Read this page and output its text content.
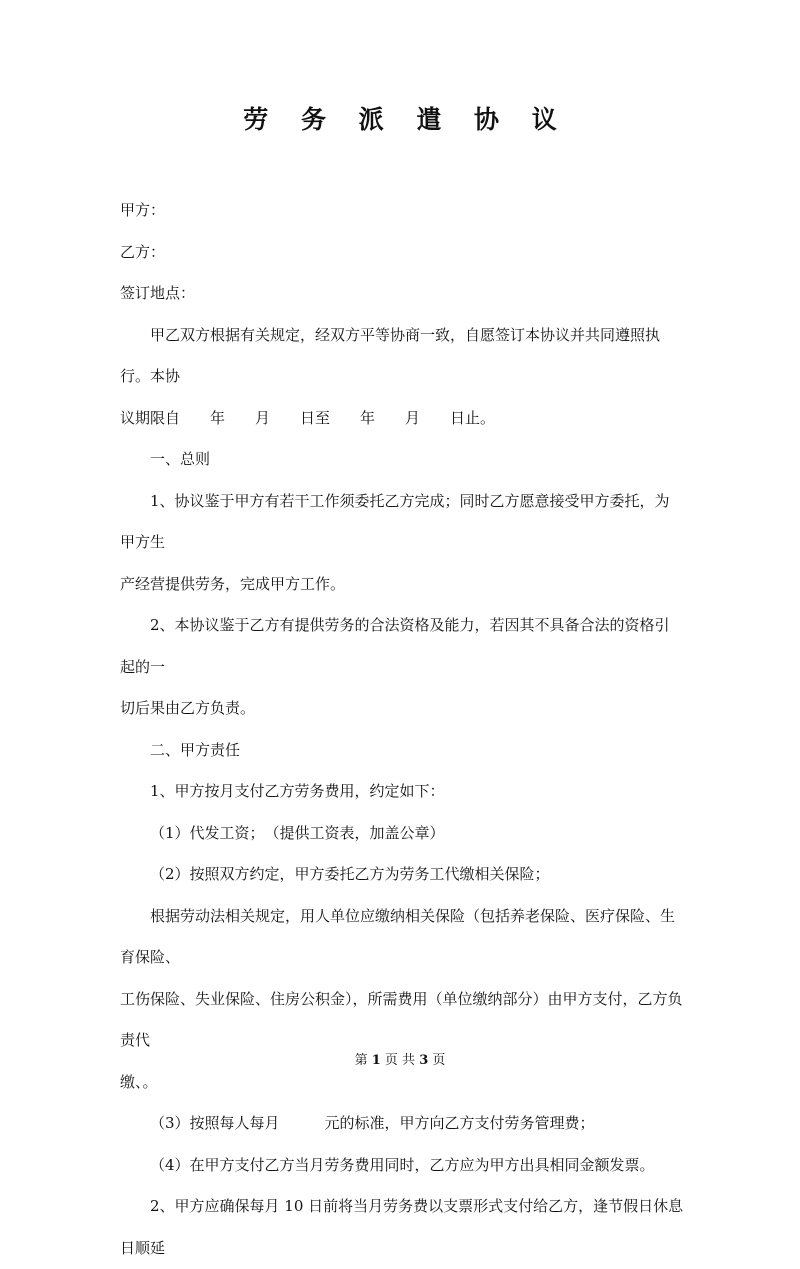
劳 务 派 遣 协 议

甲方：

乙方：

签订地点：

甲乙双方根据有关规定，经双方平等协商一致，自愿签订本协议并共同遵照执行。本协

议期限自　　年　　月　　日至　　年　　月　　日止。

一、总则

1、协议鉴于甲方有若干工作须委托乙方完成；同时乙方愿意接受甲方委托，为甲方生

产经营提供劳务，完成甲方工作。

2、本协议鉴于乙方有提供劳务的合法资格及能力，若因其不具备合法的资格引起的一

切后果由乙方负责。

二、甲方责任

1、甲方按月支付乙方劳务费用，约定如下：

（1）代发工资；　（提供工资表，加盖公章）

（2）按照双方约定，甲方委托乙方为劳务工代缴相关保险；

根据劳动法相关规定，用人单位应缴纳相关保险（包括养老保险、医疗保险、生育保险、

工伤保险、失业保险、住房公积金），所需费用（单位缴纳部分）由甲方支付，乙方负责代

缴、。

（3）按照每人每月　　　元的标准，甲方向乙方支付劳务管理费；

（4）在甲方支付乙方当月劳务费用同时，乙方应为甲方出具相同金额发票。

2、甲方应确保每月 10 日前将当月劳务费以支票形式支付给乙方，逢节假日休息日顺延

第 1 页 共 3 页
